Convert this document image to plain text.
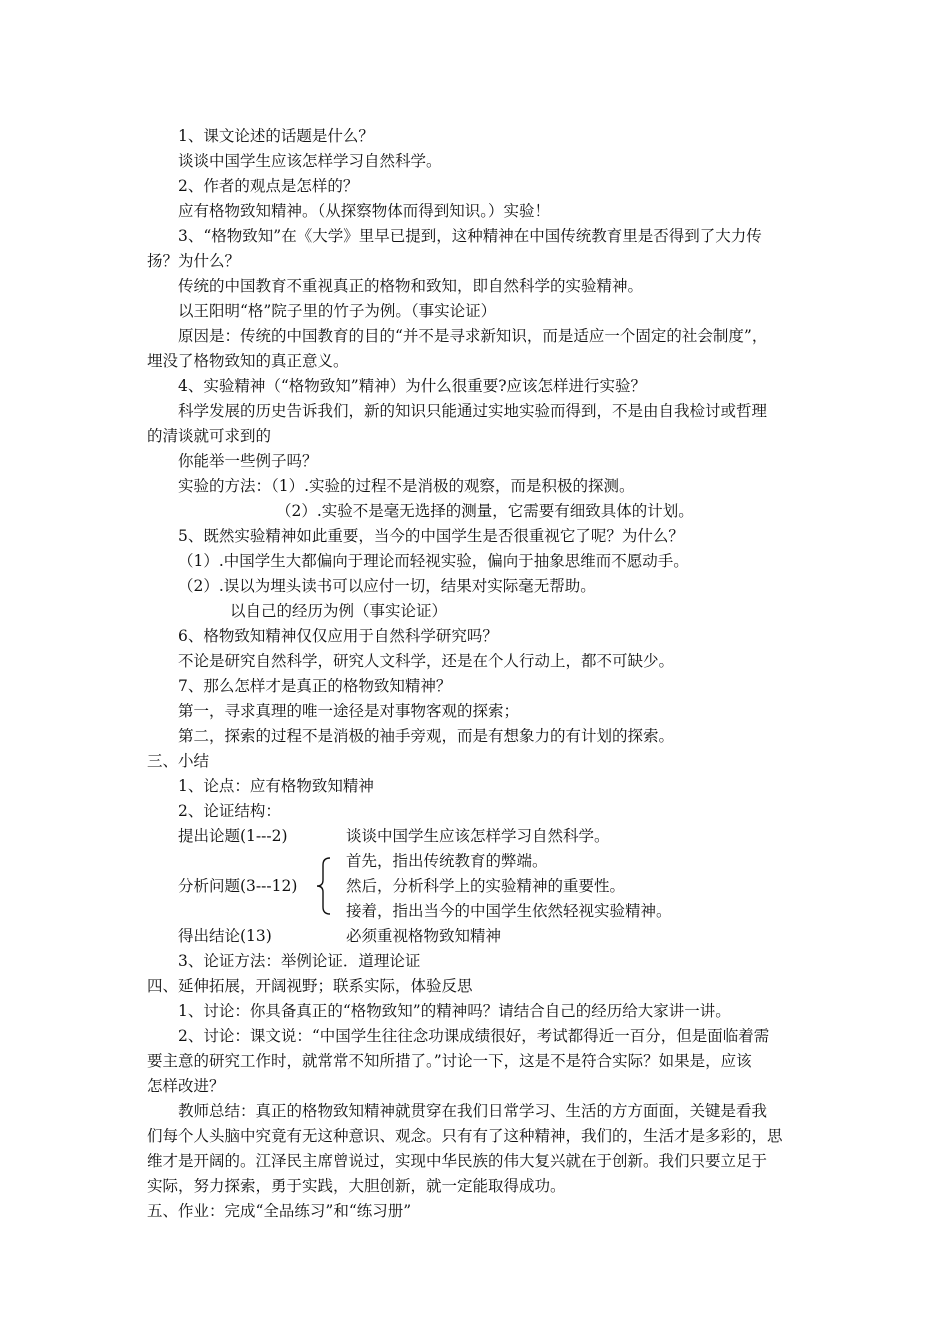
1、课文论述的话题是什么？
谈谈中国学生应该怎样学习自然科学。
2、作者的观点是怎样的？
应有格物致知精神。（从探察物体而得到知识。）实验！
3、“格物致知”在《大学》里早已提到，这种精神在中国传统教育里是否得到了大力传
扬？为什么？
传统的中国教育不重视真正的格物和致知，即自然科学的实验精神。
以王阳明“格”院子里的竹子为例。（事实论证）
原因是：传统的中国教育的目的“并不是寻求新知识，而是适应一个固定的社会制度”，
埋没了格物致知的真正意义。
4、实验精神（“格物致知”精神）为什么很重要?应该怎样进行实验？
科学发展的历史告诉我们，新的知识只能通过实地实验而得到，不是由自我检讨或哲理
的清谈就可求到的
你能举一些例子吗？
实验的方法：（1）.实验的过程不是消极的观察，而是积极的探测。
（2）.实验不是毫无选择的测量，它需要有细致具体的计划。
5、既然实验精神如此重要，当今的中国学生是否很重视它了呢？为什么？
（1）.中国学生大都偏向于理论而轻视实验，偏向于抽象思维而不愿动手。
（2）.误以为埋头读书可以应付一切，结果对实际毫无帮助。
以自己的经历为例（事实论证）
6、格物致知精神仅仅应用于自然科学研究吗？
不论是研究自然科学，研究人文科学，还是在个人行动上，都不可缺少。
7、那么怎样才是真正的格物致知精神？
第一，寻求真理的唯一途径是对事物客观的探索；
第二，探索的过程不是消极的袖手旁观，而是有想象力的有计划的探索。
三、小结
1、论点：应有格物致知精神
2、论证结构：
提出论题(1---2)	谈谈中国学生应该怎样学习自然科学。
首先，指出传统教育的弊端。
分析问题(3---12)	然后，分析科学上的实验精神的重要性。
接着，指出当今的中国学生依然轻视实验精神。
得出结论(13)	必须重视格物致知精神
3、论证方法：举例论证．道理论证
四、延伸拓展，开阔视野；联系实际，体验反思
1、讨论：你具备真正的“格物致知”的精神吗？请结合自己的经历给大家讲一讲。
2、讨论：课文说：“中国学生往往念功课成绩很好，考试都得近一百分，但是面临着需
要主意的研究工作时，就常常不知所措了。”讨论一下，这是不是符合实际？如果是，应该
怎样改进？
教师总结：真正的格物致知精神就贯穿在我们日常学习、生活的方方面面，关键是看我
们每个人头脑中究竟有无这种意识、观念。只有有了这种精神，我们的，生活才是多彩的，思
维才是开阔的。江泽民主席曾说过，实现中华民族的伟大复兴就在于创新。我们只要立足于
实际，努力探索，勇于实践，大胆创新，就一定能取得成功。
五、作业：完成“全品练习”和“练习册”
